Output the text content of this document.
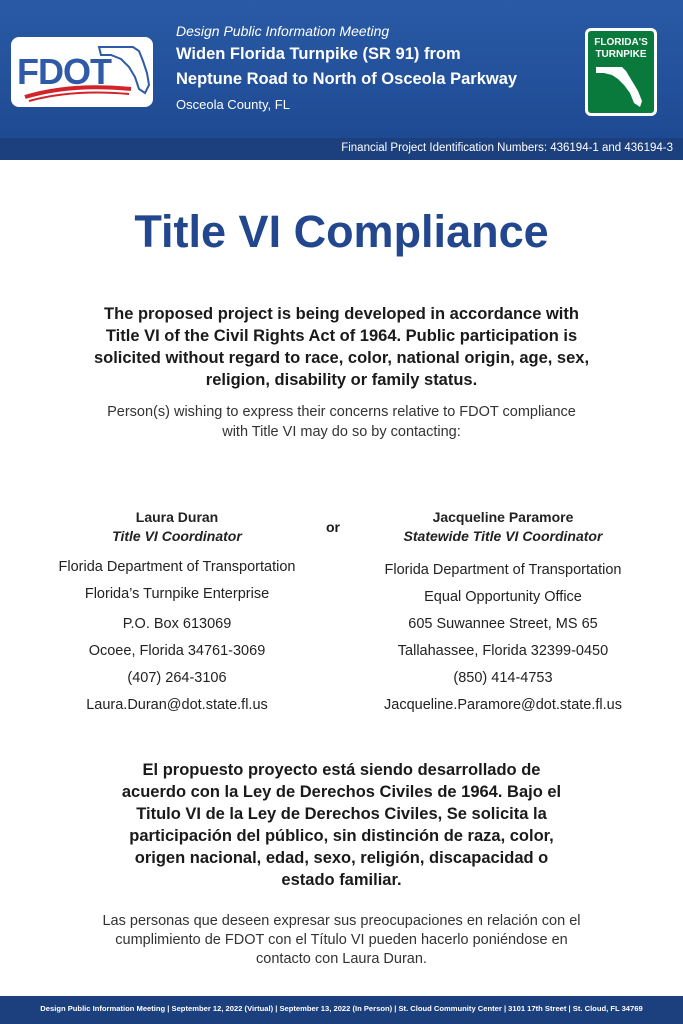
FDOT
Design Public Information Meeting
Widen Florida Turnpike (SR 91) from
Neptune Road to North of Osceola Parkway
Osceola County, FL
FLORIDA'S
TURNPIKE
Financial Project Identification Numbers: 436194-1 and 436194-3
Title VI Compliance
The proposed project is being developed in accordance with
Title VI of the Civil Rights Act of 1964. Public participation is
solicited without regard to race, color, national origin, age, sex,
religion, disability or family status.
Person(s) wishing to express their concerns relative to FDOT compliance
with Title VI may do so by contacting:
Laura Duran
Title VI Coordinator
Florida Department of Transportation
Florida’s Turnpike Enterprise
P.O. Box 613069
Ocoee, Florida 34761-3069
(407) 264-3106
Laura.Duran@dot.state.fl.us
or
Jacqueline Paramore
Statewide Title VI Coordinator
Florida Department of Transportation
Equal Opportunity Office
605 Suwannee Street, MS 65
Tallahassee, Florida 32399-0450
(850) 414-4753
Jacqueline.Paramore@dot.state.fl.us
El propuesto proyecto está siendo desarrollado de
acuerdo con la Ley de Derechos Civiles de 1964. Bajo el
Titulo VI de la Ley de Derechos Civiles, Se solicita la
participación del público, sin distinción de raza, color,
origen nacional, edad, sexo, religión, discapacidad o
estado familiar.
Las personas que deseen expresar sus preocupaciones en relación con el
cumplimiento de FDOT con el Título VI pueden hacerlo poniéndose en
contacto con Laura Duran.
Design Public Information Meeting | September 12, 2022 (Virtual) | September 13, 2022 (In Person) | St. Cloud Community Center | 3101 17th Street | St. Cloud, FL 34769
